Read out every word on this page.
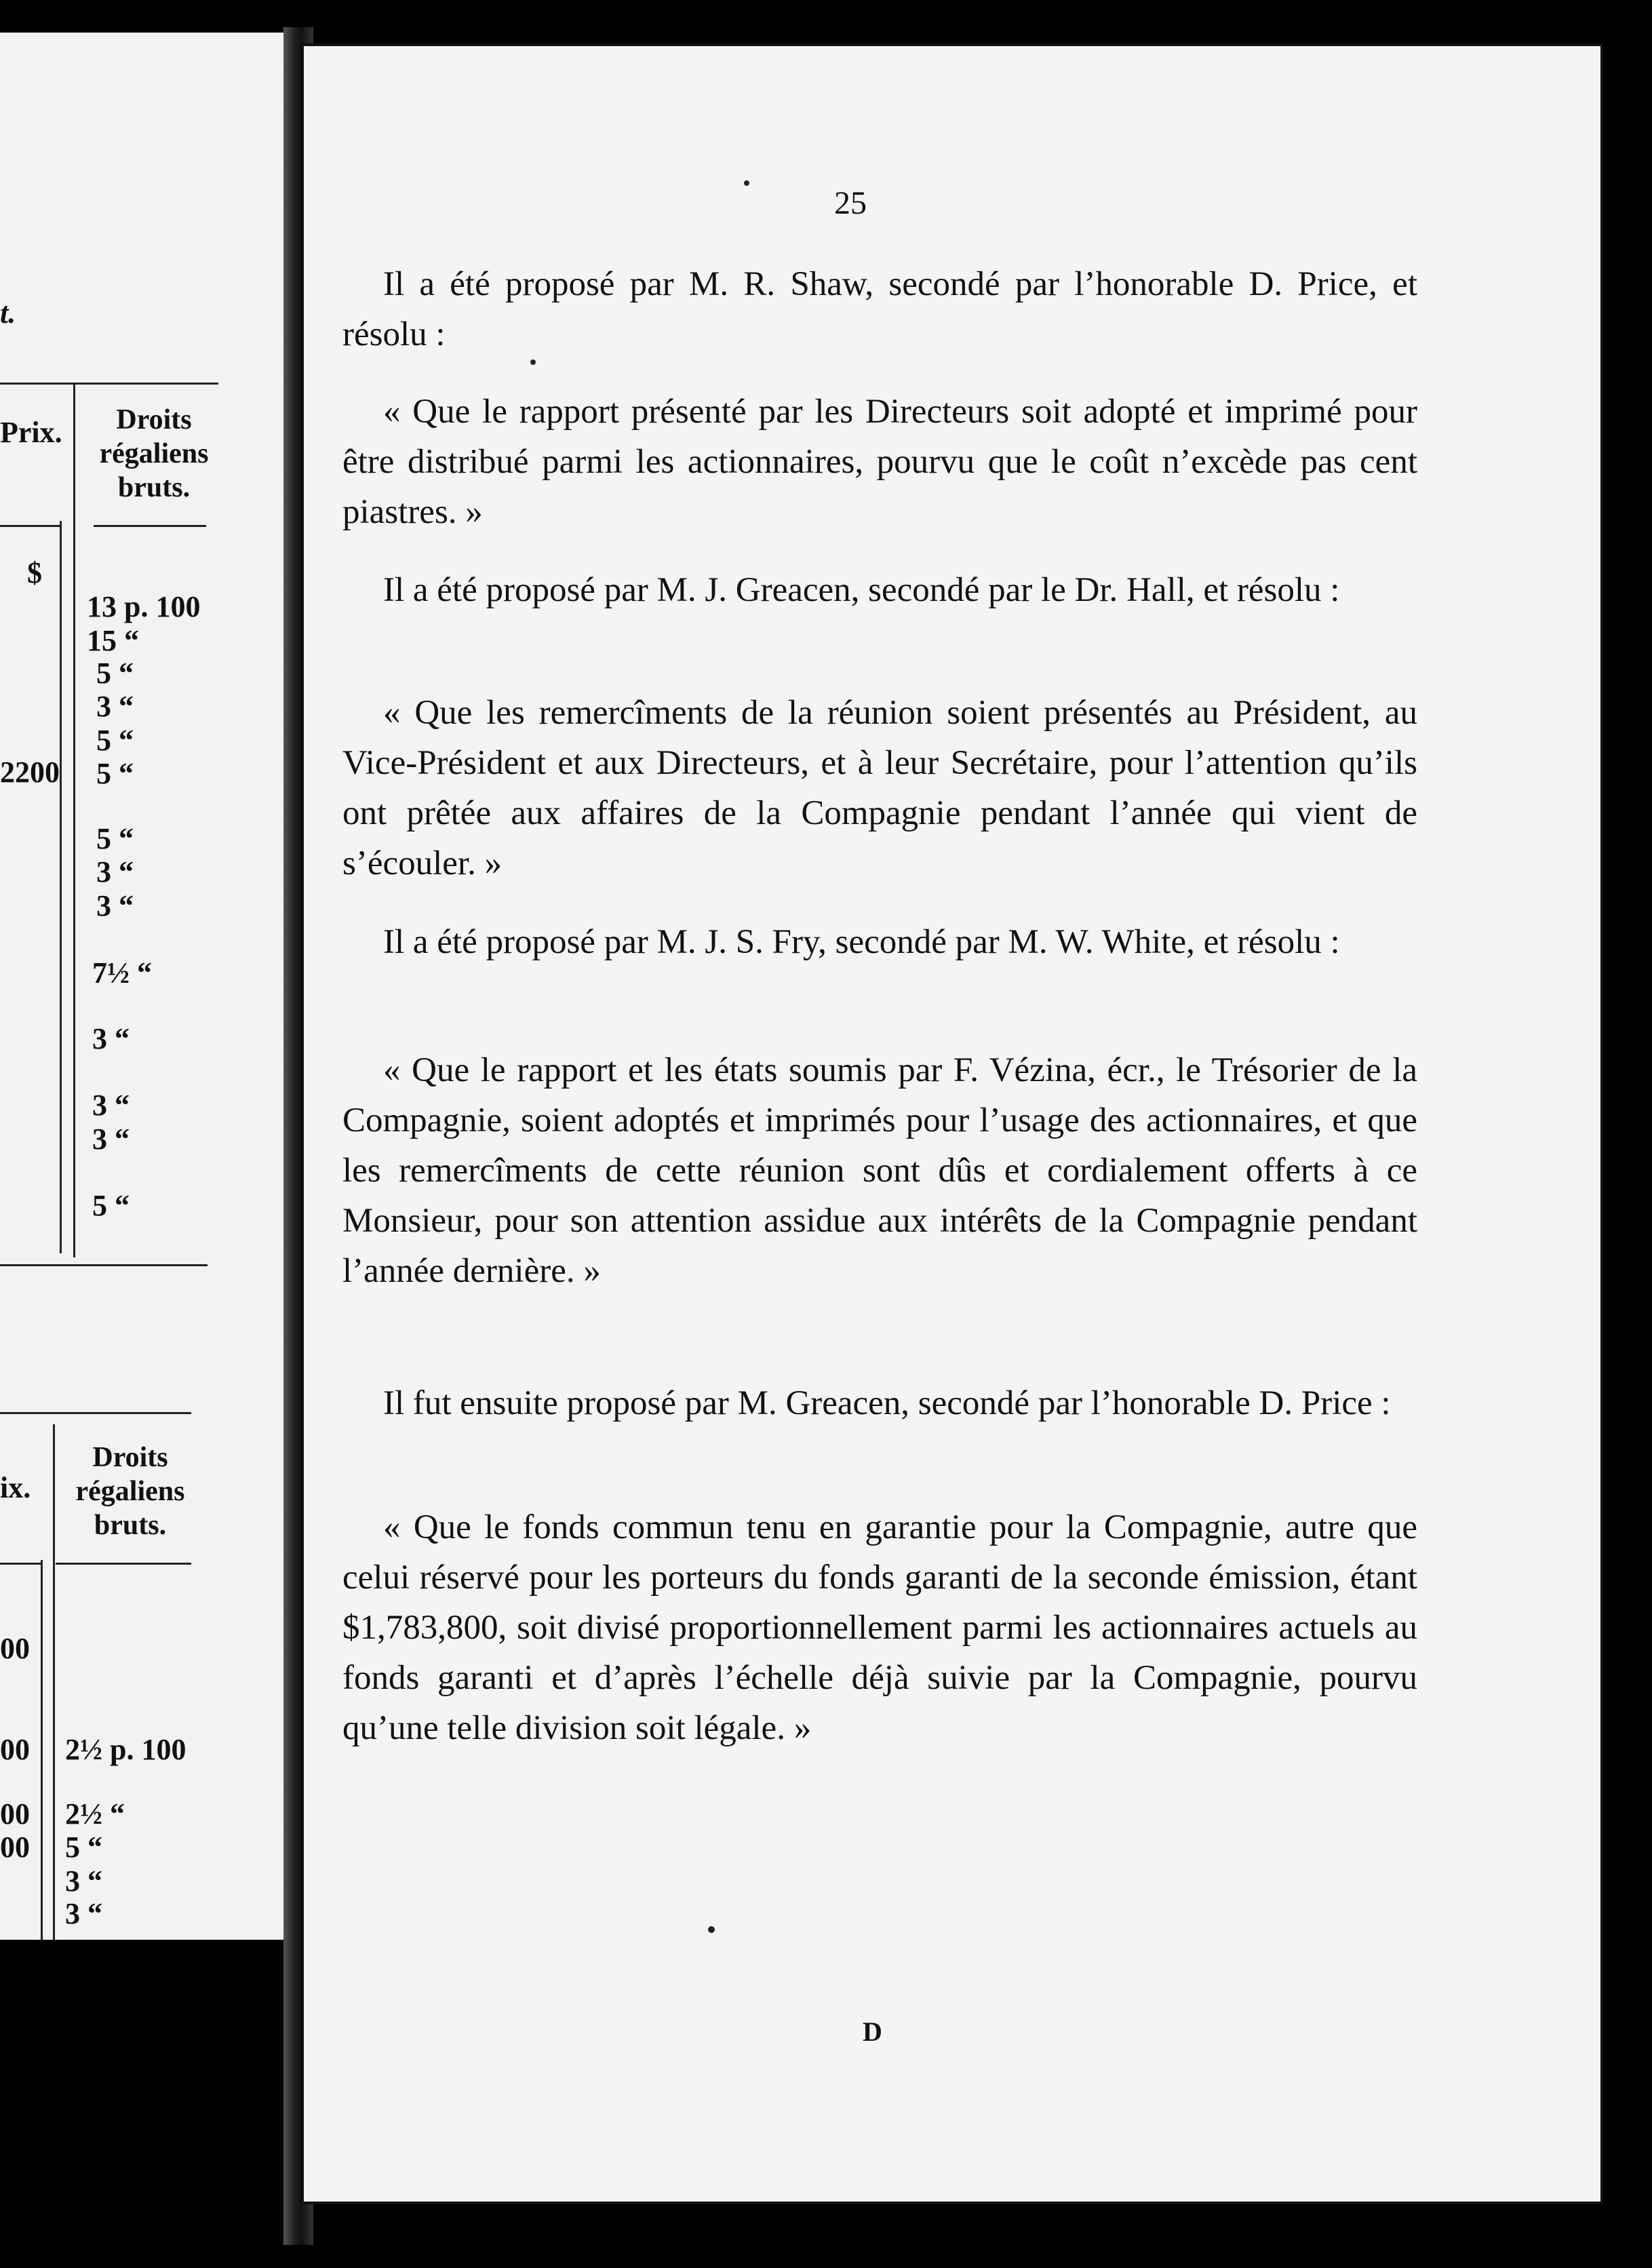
t.
Prix.	Droits
régaliens
bruts.
$
2200
13 p. 100
15 “
5 “
3 “
5 “
5 “
5 “
3 “
3 “
7½ “
3 “
3 “
3 “
5 “
ix.
Droits
régaliens
bruts.
00
00
00
00
2½ p. 100
2½ “
5 “
3 “
3 “
25

Il a été proposé par M. R. Shaw, secondé par l’honorable D. Price, et résolu :

« Que le rapport présenté par les Directeurs soit adopté et imprimé pour être distribué parmi les actionnaires, pourvu que le coût n’excède pas cent piastres. »

Il a été proposé par M. J. Greacen, secondé par le Dr. Hall, et résolu :

« Que les remercîments de la réunion soient présentés au Président, au Vice-Président et aux Directeurs, et à leur Secrétaire, pour l’attention qu’ils ont prêtée aux affaires de la Compagnie pendant l’année qui vient de s’écouler. »

Il a été proposé par M. J. S. Fry, secondé par M. W. White, et résolu :

« Que le rapport et les états soumis par F. Vézina, écr., le Trésorier de la Compagnie, soient adoptés et imprimés pour l’usage des actionnaires, et que les remercîments de cette réunion sont dûs et cordialement offerts à ce Monsieur, pour son attention assidue aux intérêts de la Compagnie pendant l’année dernière. »

Il fut ensuite proposé par M. Greacen, secondé par l’honorable D. Price :

« Que le fonds commun tenu en garantie pour la Compagnie, autre que celui réservé pour les porteurs du fonds garanti de la seconde émission, étant $1,783,800, soit divisé proportionnellement parmi les actionnaires actuels au fonds garanti et d’après l’échelle déjà suivie par la Compagnie, pourvu qu’une telle division soit légale. »

D
